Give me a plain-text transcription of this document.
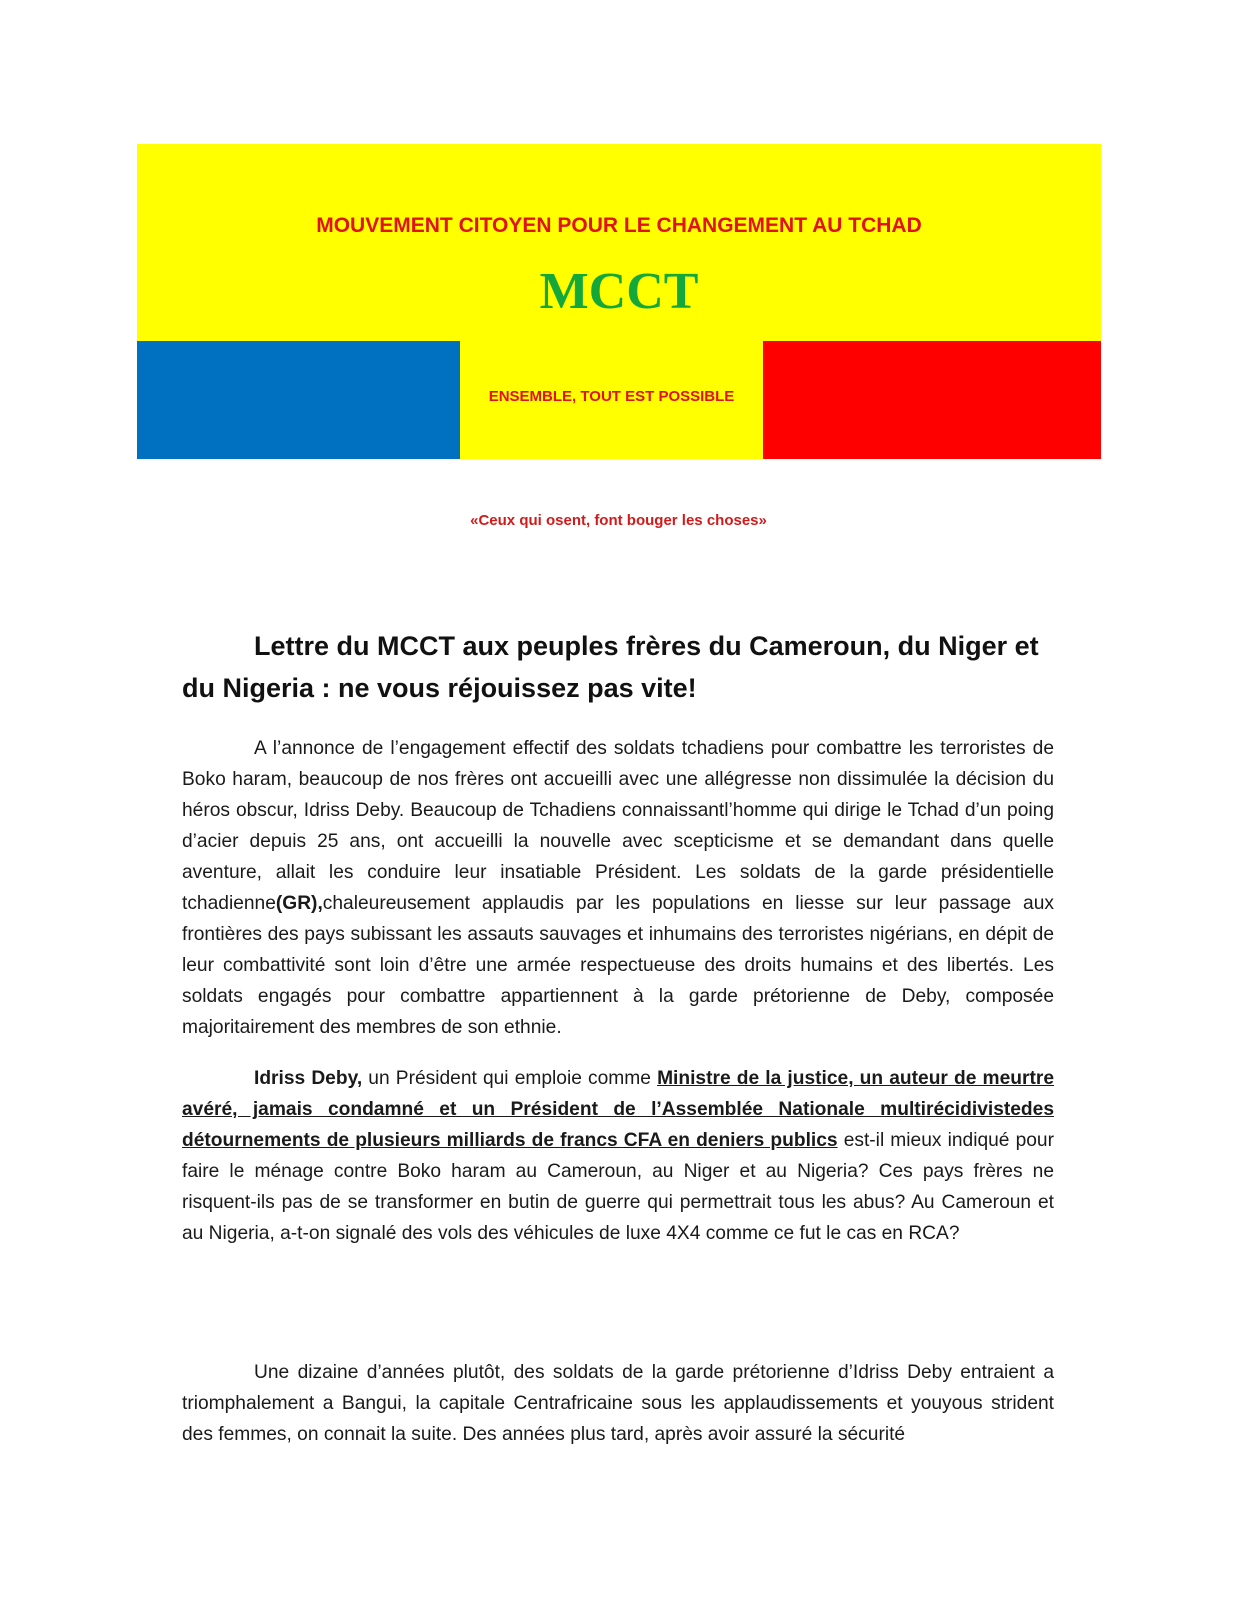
MOUVEMENT CITOYEN POUR LE CHANGEMENT AU TCHAD
MCCT
ENSEMBLE, TOUT EST POSSIBLE
«Ceux qui osent, font bouger les choses»
Lettre du MCCT aux peuples frères du Cameroun, du Niger et du Nigeria : ne vous réjouissez pas vite!

A l’annonce de l’engagement effectif des soldats tchadiens pour combattre les terroristes de Boko haram, beaucoup de nos frères ont accueilli avec une allégresse non dissimulée la décision du héros obscur, Idriss Deby. Beaucoup de Tchadiens connaissantl’homme qui dirige le Tchad d’un poing d’acier depuis 25 ans, ont accueilli la nouvelle avec scepticisme et se demandant dans quelle aventure, allait les conduire leur insatiable Président. Les soldats de la garde présidentielle tchadienne(GR),chaleureusement applaudis par les populations en liesse sur leur passage aux frontières des pays subissant les assauts sauvages et inhumains des terroristes nigérians, en dépit de leur combattivité sont loin d’être une armée respectueuse des droits humains et des libertés. Les soldats engagés pour combattre appartiennent à la garde prétorienne de Deby, composée majoritairement des membres de son ethnie.

Idriss Deby, un Président qui emploie comme Ministre de la justice, un auteur de meurtre avéré, jamais condamné et un Président de l’Assemblée Nationale multirécidivistedes détournements de plusieurs milliards de francs CFA en deniers publics est-il mieux indiqué pour faire le ménage contre Boko haram au Cameroun, au Niger et au Nigeria? Ces pays frères ne risquent-ils pas de se transformer en butin de guerre qui permettrait tous les abus? Au Cameroun et au Nigeria, a-t-on signalé des vols des véhicules de luxe 4X4 comme ce fut le cas en RCA?

Une dizaine d’années plutôt, des soldats de la garde prétorienne d’Idriss Deby entraient a triomphalement a Bangui, la capitale Centrafricaine sous les applaudissements et youyous strident des femmes, on connait la suite. Des années plus tard, après avoir assuré la sécurité
